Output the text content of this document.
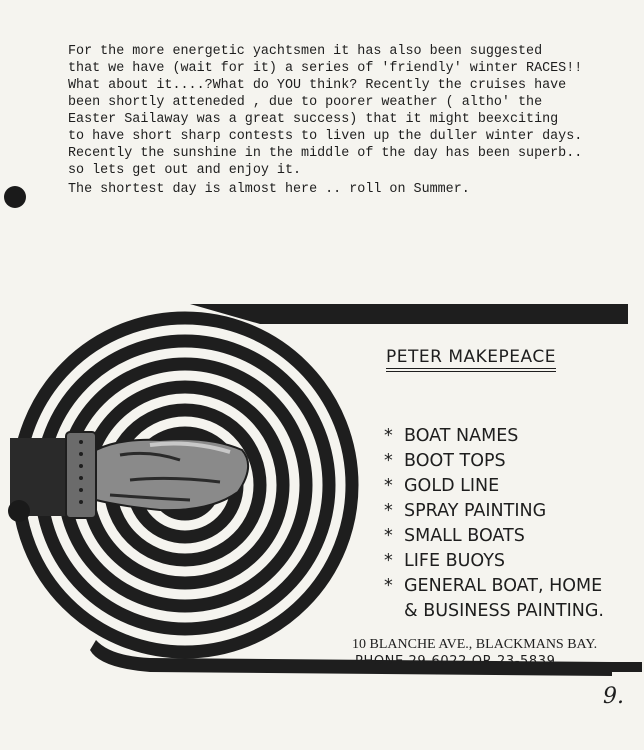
For the more energetic yachtsmen it has also been suggested
that we have (wait for it) a series of 'friendly' winter RACES!!
What about it....?What do YOU think? Recently the cruises have
been shortly atteneded , due to poorer weather ( altho' the
Easter Sailaway was a great success) that it might beexciting
to have short sharp contests to liven up the duller winter days.
Recently the sunshine in the middle of the day has been superb..
so lets get out and enjoy it.
The shortest day is almost here .. roll on Summer.
PETER MAKEPEACE
* BOAT NAMES
* BOOT TOPS
* GOLD LINE
* SPRAY PAINTING
* SMALL BOATS
* LIFE BUOYS
* GENERAL BOAT, HOME
& BUSINESS PAINTING.
10 BLANCHE AVE., BLACKMANS BAY.
PHONE 29-6022 OR 23-5839
9.
